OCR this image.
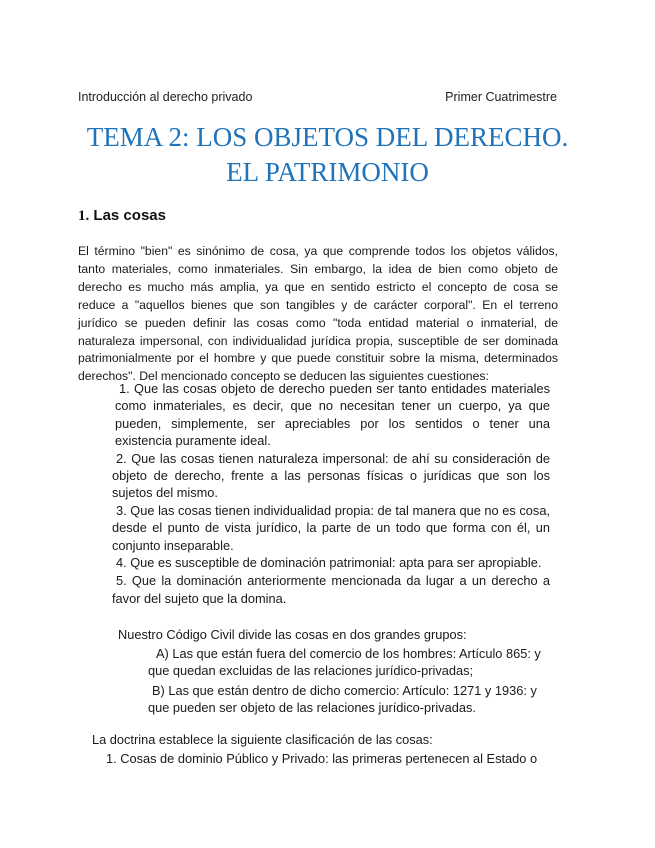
Introducción al derecho privado	Primer Cuatrimestre
TEMA 2: LOS OBJETOS DEL DERECHO.
EL PATRIMONIO
1. Las cosas

El término "bien" es sinónimo de cosa, ya que comprende todos los objetos válidos, tanto materiales, como inmateriales. Sin embargo, la idea de bien como objeto de derecho es mucho más amplia, ya que en sentido estricto el concepto de cosa se reduce a "aquellos bienes que son tangibles y de carácter corporal". En el terreno jurídico se pueden definir las cosas como "toda entidad material o inmaterial, de naturaleza impersonal, con individualidad jurídica propia, susceptible de ser dominada patrimonialmente por el hombre y que puede constituir sobre la misma, determinados derechos". Del mencionado concepto se deducen las siguientes cuestiones:

1. Que las cosas objeto de derecho pueden ser tanto entidades materiales como inmateriales, es decir, que no necesitan tener un cuerpo, ya que pueden, simplemente, ser apreciables por los sentidos o tener una existencia puramente ideal.
2. Que las cosas tienen naturaleza impersonal: de ahí su consideración de objeto de derecho, frente a las personas físicas o jurídicas que son los sujetos del mismo.
3. Que las cosas tienen individualidad propia: de tal manera que no es cosa, desde el punto de vista jurídico, la parte de un todo que forma con él, un conjunto inseparable.
4. Que es susceptible de dominación patrimonial: apta para ser apropiable.
5. Que la dominación anteriormente mencionada da lugar a un derecho a favor del sujeto que la domina.

Nuestro Código Civil divide las cosas en dos grandes grupos:

A) Las que están fuera del comercio de los hombres: Artículo 865: y que quedan excluidas de las relaciones jurídico-privadas;
B) Las que están dentro de dicho comercio: Artículo: 1271 y 1936: y que pueden ser objeto de las relaciones jurídico-privadas.

La doctrina establece la siguiente clasificación de las cosas:

1. Cosas de dominio Público y Privado: las primeras pertenecen al Estado o
